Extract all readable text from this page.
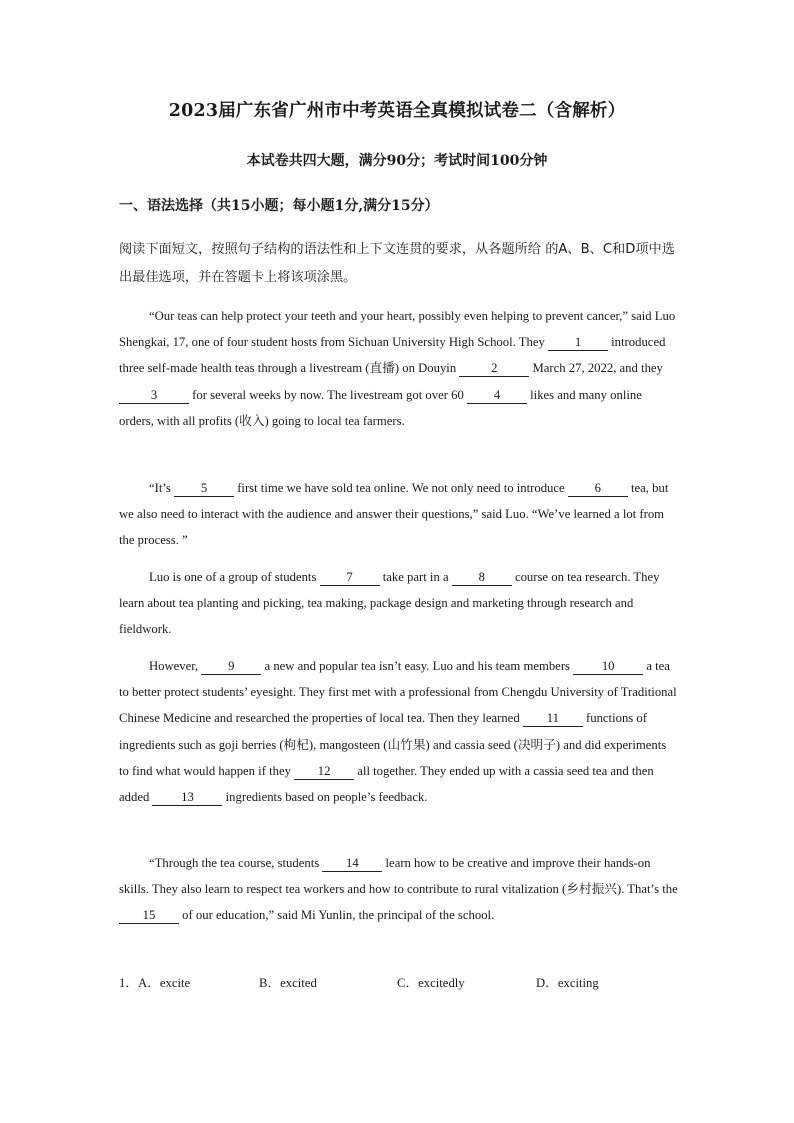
2023届广东省广州市中考英语全真模拟试卷二（含解析）
本试卷共四大题，满分90分；考试时间100分钟
一、语法选择（共15小题；每小题1分,满分15分）
阅读下面短文，按照句子结构的语法性和上下文连贯的要求，从各题所给 的A、B、C和D项中选出最佳选项，并在答题卡上将该项涂黑。
“Our teas can help protect your teeth and your heart, possibly even helping to prevent cancer,” said Luo Shengkai, 17, one of four student hosts from Sichuan University High School. They 1 introduced three self-made health teas through a livestream (直播) on Douyin	2	March 27, 2022, and they 3	for several weeks by now. The livestream got over 60 4 likes and many online orders, with all profits (收入) going to local tea farmers.
“It’s 5 first time we have sold tea online. We not only need to introduce 6 tea, but we also need to interact with the audience and answer their questions,” said Luo. “We’ve learned a lot from the process. ”
Luo is one of a group of students 7 take part in a 8 course on tea research. They learn about tea planting and picking, tea making, package design and marketing through research and fieldwork.
However, 9 a new and popular tea isn’t easy. Luo and his team members 10 a tea to better protect students’ eyesight. They first met with a professional from Chengdu University of Traditional Chinese Medicine and researched the properties of local tea. Then they learned 11 functions of ingredients such as goji berries (枸杞), mangosteen (山竹果) and cassia seed (决明子) and did experiments to find what would happen if they 12 all together. They ended up with a cassia seed tea and then added 13 ingredients based on people’s feedback.
“Through the tea course, students 14 learn how to be creative and improve their hands-on skills. They also learn to respect tea workers and how to contribute to rural vitalization (乡村振兴). That’s the 15 of our education,” said Mi Yunlin, the principal of the school.
1．A．excite	B．excited	C．excitedly	D．exciting
